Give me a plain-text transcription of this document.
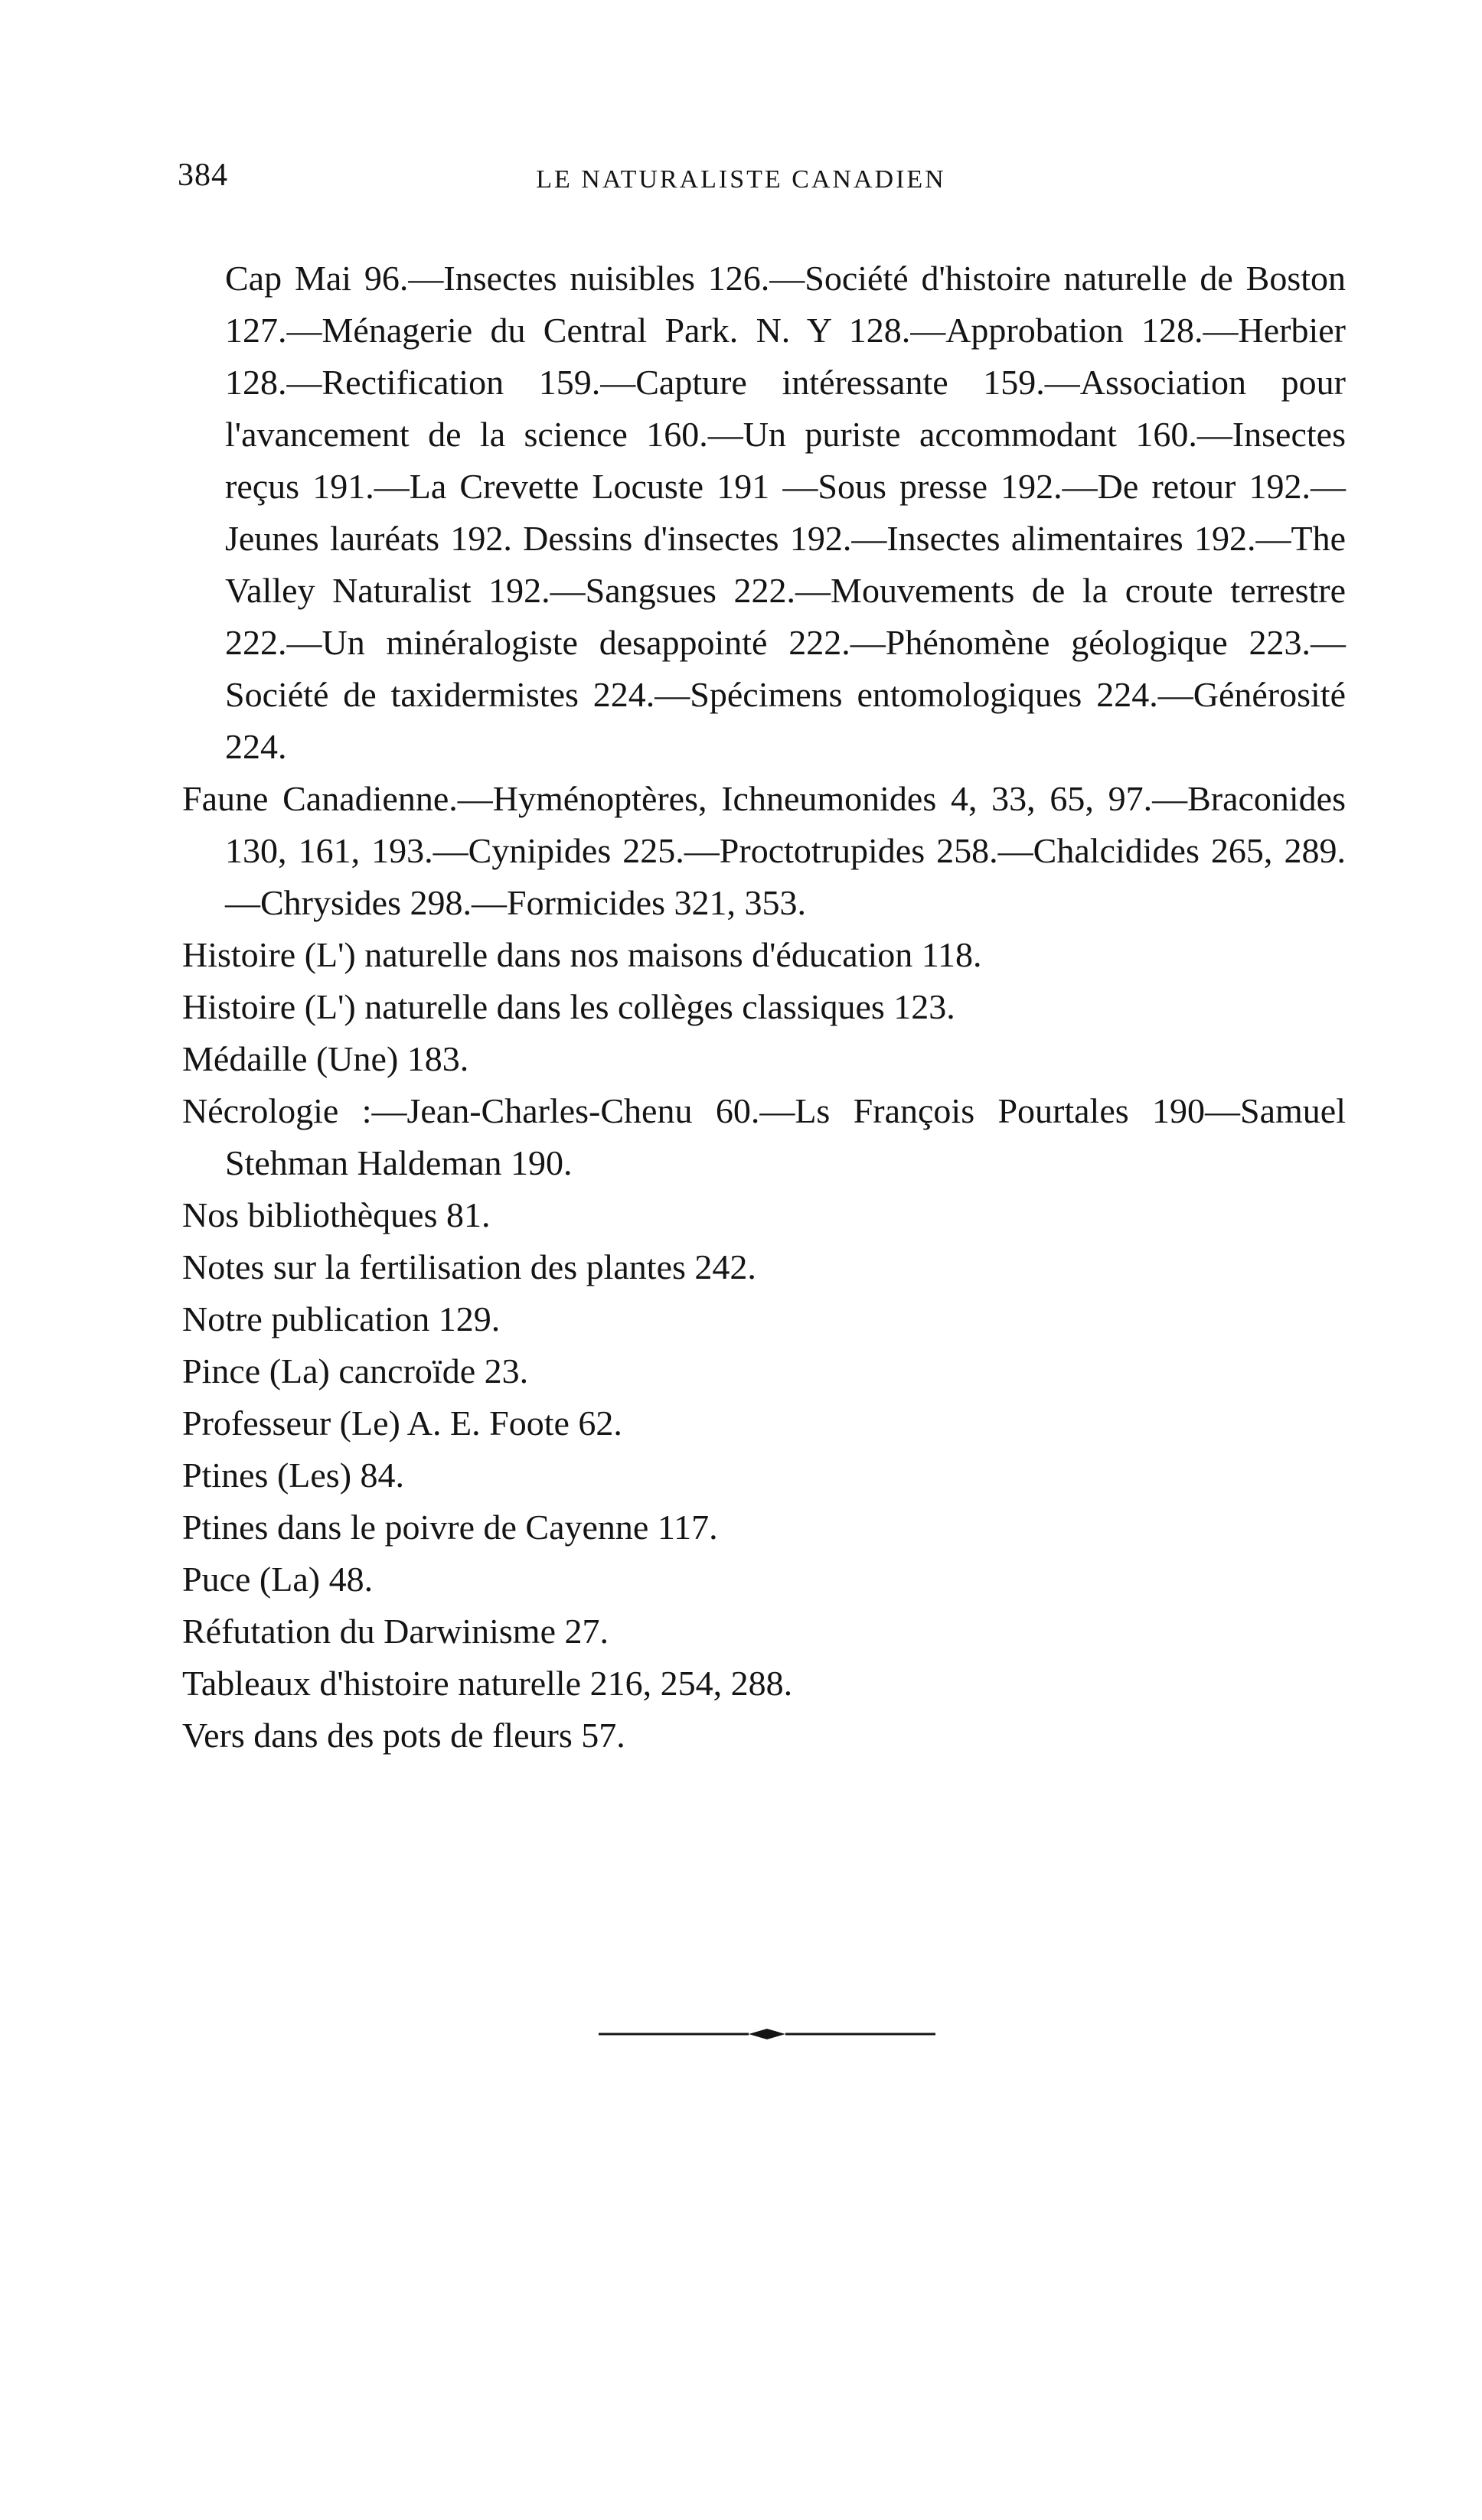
384	LE NATURALISTE CANADIEN

Cap Mai 96.—Insectes nuisibles 126.—Société d'histoire naturelle de Boston 127.—Ménagerie du Central Park. N. Y 128.—Approbation 128.—Herbier 128.—Rectification 159.—Capture intéressante 159.—Association pour l'avancement de la science 160.—Un puriste accommodant 160.—Insectes reçus 191.—La Crevette Locuste 191 —Sous presse 192.—De retour 192.—Jeunes lauréats 192. Dessins d'insectes 192.—Insectes alimentaires 192.—The Valley Naturalist 192.—Sangsues 222.—Mouvements de la croute terrestre 222.—Un minéralogiste desappointé 222.—Phénomène géologique 223.—Société de taxidermistes 224.—Spécimens entomologiques 224.—Générosité 224.

Faune Canadienne.—Hyménoptères, Ichneumonides 4, 33, 65, 97.—Braconides 130, 161, 193.—Cynipides 225.—Proctotrupides 258.—Chalcidides 265, 289.—Chrysides 298.—Formicides 321, 353.

Histoire (L') naturelle dans nos maisons d'éducation 118.

Histoire (L') naturelle dans les collèges classiques 123.

Médaille (Une) 183.

Nécrologie :—Jean-Charles-Chenu 60.—Ls François Pourtales 190—Samuel Stehman Haldeman 190.

Nos bibliothèques 81.

Notes sur la fertilisation des plantes 242.

Notre publication 129.

Pince (La) cancroïde 23.

Professeur (Le) A. E. Foote 62.

Ptines (Les) 84.

Ptines dans le poivre de Cayenne 117.

Puce (La) 48.

Réfutation du Darwinisme 27.

Tableaux d'histoire naturelle 216, 254, 288.

Vers dans des pots de fleurs 57.
